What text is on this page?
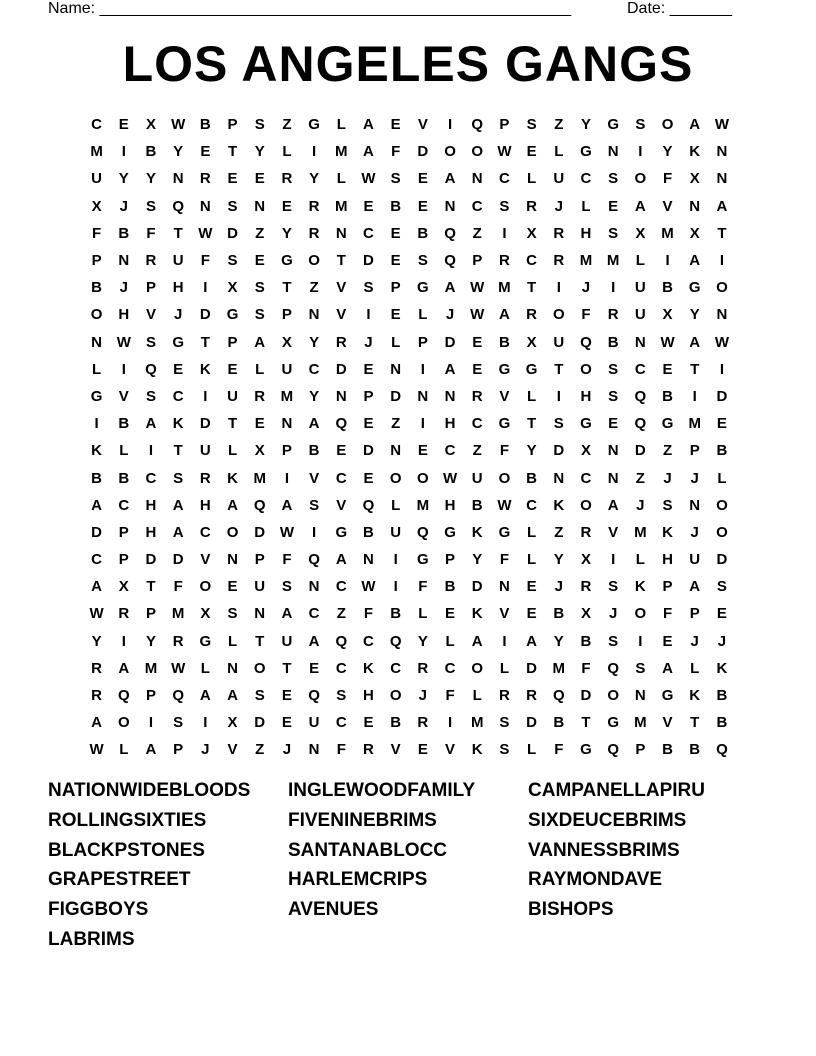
Name: _____________________________________________________	Date: _______
LOS ANGELES GANGS
C	E	X	W B	P	S	Z	G	L	A	E	V	I	Q	P	S	Z	Y	G	S	O	A W
M	I	B	Y	E	T	Y	L	I	M	A	F	D	O	O W	E	L	G	N	I	Y	K	N
U	Y	Y	N	R	E	E	R	Y	L	W	S	E	A	N	C	L	U	C	S	O	F	X	N
X	J	S	Q	N	S	N	E	R	M	E	B	E	N	C	S	R	J	L	E	A	V	N	A
F	B	F	T	W D	Z	Y	R	N	C	E	B	Q	Z	I	X	R	H	S	X	M	X	T
P	N	R	U	F	S	E	G	O	T	D	E	S	Q	P	R	C	R	M M	L	I	A	I
B	J	P	H	I	X	S	T	Z	V	S	P	G	A W M	T	I	J	I	U	B	G	O
O	H	V	J	D	G	S	P	N	V	I	E	L	J	W A	R	O	F	R	U	X	Y	N
N W	S	G	T	P	A	X	Y	R	J	L	P	D	E	B	X	U	Q	B	N W A W
L	I	Q	E	K	E	L	U	C	D	E	N	I	A	E	G	G	T	O	S	C	E	T	I
G	V	S	C	I	U	R	M	Y	N	P	D	N	N	R	V	L	I	H	S	Q	B	I	D
I	B	A	K	D	T	E	N	A	Q	E	Z	I	H	C	G	T	S	G	E	Q	G	M	E
K	L	I	T	U	L	X	P	B	E	D	N	E	C	Z	F	Y	D	X	N	D	Z	P	B
B	B	C	S	R	K	M	I	V	C	E	O	O W U	O	B	N	C	N	Z	J	J	L
A	C	H	A	H	A	Q	A	S	V	Q	L	M	H	B W C	K	O	A	J	S	N	O
D	P	H	A	C	O	D W	I	G	B	U	Q	G	K	G	L	Z	R	V	M	K	J	O
C	P	D	D	V	N	P	F	Q	A	N	I	G	P	Y	F	L	Y	X	I	L	H	U	D
A	X	T	F	O	E	U	S	N	C W	I	F	B	D	N	E	J	R	S	K	P	A	S
W R	P	M	X	S	N	A	C	Z	F	B	L	E	K	V	E	B	X	J	O	F	P	E
Y	I	Y	R	G	L	T	U	A	Q	C	Q	Y	L	A	I	A	Y	B	S	I	E	J	J
R	A	M W	L	N	O	T	E	C	K	C	R	C	O	L	D	M	F	Q	S	A	L	K
R	Q	P	Q	A	A	S	E	Q	S	H	O	J	F	L	R	R	Q	D	O	N	G	K	B
A	O	I	S	I	X	D	E	U	C	E	B	R	I	M	S	D	B	T	G	M	V	T	B
W	L	A	P	J	V	Z	J	N	F	R	V	E	V	K	S	L	F	G	Q	P	B	B	Q
NATIONWIDEBLOODS	INGLEWOODFAMILY	CAMPANELLAPIRU
ROLLINGSIXTIES	FIVENINEBRIMS	SIXDEUCEBRIMS
BLACKPSTONES	SANTANABLOCC	VANNESSBRIMS
GRAPESTREET	HARLEMCRIPS	RAYMONDAVE
FIGGBOYS	AVENUES	BISHOPS
LABRIMS
